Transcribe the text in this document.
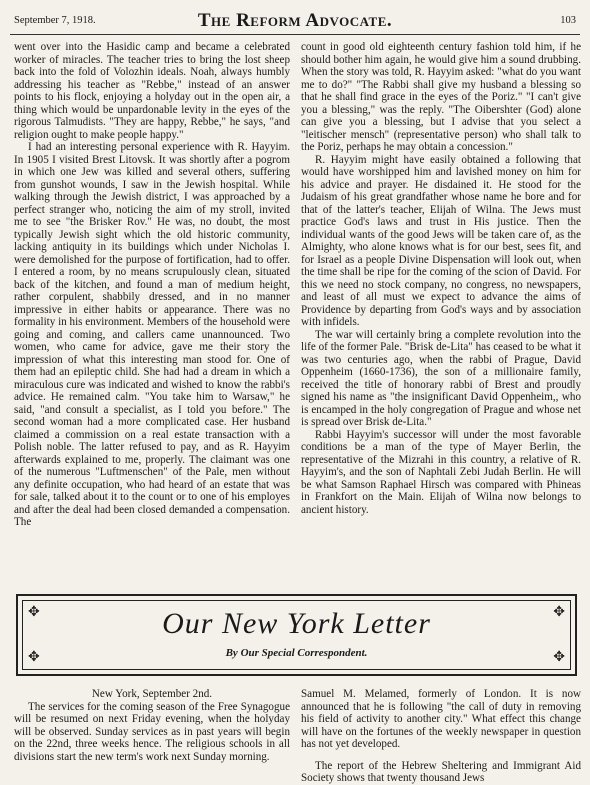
September 7, 1918.	The Reform Advocate.	103

went over into the Hasidic camp and became a celebrated worker of miracles. The teacher tries to bring the lost sheep back into the fold of Volozhin ideals. Noah, always humbly addressing his teacher as "Rebbe," instead of an answer points to his flock, enjoying a holyday out in the open air, a thing which would be unpardonable levity in the eyes of the rigorous Talmudists. "They are happy, Rebbe," he says, "and religion ought to make people happy."

I had an interesting personal experience with R. Hayyim. In 1905 I visited Brest Litovsk. It was shortly after a pogrom in which one Jew was killed and several others, suffering from gunshot wounds, I saw in the Jewish hospital. While walking through the Jewish district, I was approached by a perfect stranger who, noticing the aim of my stroll, invited me to see "the Brisker Rov." He was, no doubt, the most typically Jewish sight which the old historic community, lacking antiquity in its buildings which under Nicholas I. were demolished for the purpose of fortification, had to offer. I entered a room, by no means scrupulously clean, situated back of the kitchen, and found a man of medium height, rather corpulent, shabbily dressed, and in no manner impressive in either habits or appearance. There was no formality in his environment. Members of the household were going and coming, and callers came unannounced. Two women, who came for advice, gave me their story the impression of what this interesting man stood for. One of them had an epileptic child. She had had a dream in which a miraculous cure was indicated and wished to know the rabbi's advice. He remained calm. "You take him to Warsaw," he said, "and consult a specialist, as I told you before." The second woman had a more complicated case. Her husband claimed a commission on a real estate transaction with a Polish noble. The latter refused to pay, and as R. Hayyim afterwards explained to me, properly. The claimant was one of the numerous "Luftmenschen" of the Pale, men without any definite occupation, who had heard of an estate that was for sale, talked about it to the count or to one of his employes and after the deal had been closed demanded a compensation. The

count in good old eighteenth century fashion told him, if he should bother him again, he would give him a sound drubbing. When the story was told, R. Hayyim asked: "what do you want me to do?" "The Rabbi shall give my husband a blessing so that he shall find grace in the eyes of the Poriz." "I can't give you a blessing," was the reply. "The Oibershter (God) alone can give you a blessing, but I advise that you select a "leitischer mensch" (representative person) who shall talk to the Poriz, perhaps he may obtain a concession."

R. Hayyim might have easily obtained a following that would have worshipped him and lavished money on him for his advice and prayer. He disdained it. He stood for the Judaism of his great grandfather whose name he bore and for that of the latter's teacher, Elijah of Wilna. The Jews must practice God's laws and trust in His justice. Then the individual wants of the good Jews will be taken care of, as the Almighty, who alone knows what is for our best, sees fit, and for Israel as a people Divine Dispensation will look out, when the time shall be ripe for the coming of the scion of David. For this we need no stock company, no congress, no newspapers, and least of all must we expect to advance the aims of Providence by departing from God's ways and by association with infidels.

The war will certainly bring a complete revolution into the life of the former Pale. "Brisk de-Lita" has ceased to be what it was two centuries ago, when the rabbi of Prague, David Oppenheim (1660-1736), the son of a millionaire family, received the title of honorary rabbi of Brest and proudly signed his name as "the insignificant David Oppenheim,, who is encamped in the holy congregation of Prague and whose net is spread over Brisk de-Lita."

Rabbi Hayyim's successor will under the most favorable conditions be a man of the type of Mayer Berlin, the representative of the Mizrahi in this country, a relative of R. Hayyim's, and the son of Naphtali Zebi Judah Berlin. He will be what Samson Raphael Hirsch was compared with Phineas in Frankfort on the Main. Elijah of Wilna now belongs to ancient history.

✥	✥
✥	✥
Our New York Letter
By Our Special Correspondent.

New York, September 2nd.

The services for the coming season of the Free Synagogue will be resumed on next Friday evening, when the holyday will be observed. Sunday services as in past years will begin on the 22nd, three weeks hence. The religious schools in all divisions start the new term's work next Sunday morning.

Samuel M. Melamed, formerly of London. It is now announced that he is following "the call of duty in removing his field of activity to another city." What effect this change will have on the fortunes of the weekly newspaper in question has not yet developed.

The report of the Hebrew Sheltering and Immigrant Aid Society shows that twenty thousand Jews
